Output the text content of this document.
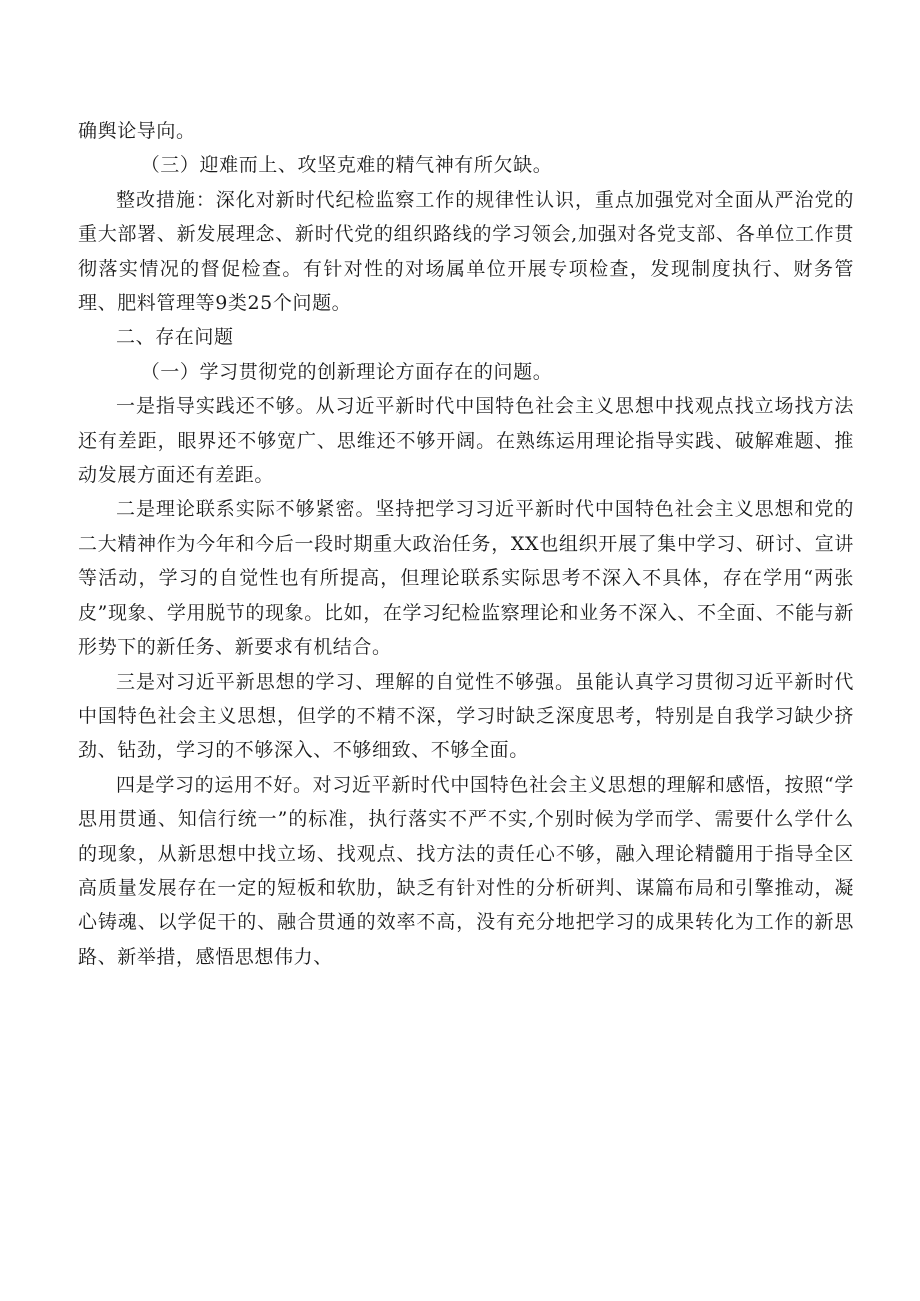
确舆论导向。

（三）迎难而上、攻坚克难的精气神有所欠缺。

整改措施：深化对新时代纪检监察工作的规律性认识，重点加强党对全面从严治党的重大部署、新发展理念、新时代党的组织路线的学习领会,加强对各党支部、各单位工作贯彻落实情况的督促检查。有针对性的对场属单位开展专项检查，发现制度执行、财务管理、肥料管理等9类25个问题。

二、存在问题

（一）学习贯彻党的创新理论方面存在的问题。

一是指导实践还不够。从习近平新时代中国特色社会主义思想中找观点找立场找方法还有差距，眼界还不够宽广、思维还不够开阔。在熟练运用理论指导实践、破解难题、推动发展方面还有差距。

二是理论联系实际不够紧密。坚持把学习习近平新时代中国特色社会主义思想和党的二大精神作为今年和今后一段时期重大政治任务，XX也组织开展了集中学习、研讨、宣讲等活动，学习的自觉性也有所提高，但理论联系实际思考不深入不具体，存在学用“两张皮”现象、学用脱节的现象。比如，在学习纪检监察理论和业务不深入、不全面、不能与新形势下的新任务、新要求有机结合。

三是对习近平新思想的学习、理解的自觉性不够强。虽能认真学习贯彻习近平新时代中国特色社会主义思想，但学的不精不深，学习时缺乏深度思考，特别是自我学习缺少挤劲、钻劲，学习的不够深入、不够细致、不够全面。

四是学习的运用不好。对习近平新时代中国特色社会主义思想的理解和感悟，按照“学思用贯通、知信行统一”的标准，执行落实不严不实,个别时候为学而学、需要什么学什么的现象，从新思想中找立场、找观点、找方法的责任心不够，融入理论精髓用于指导全区高质量发展存在一定的短板和软肋，缺乏有针对性的分析研判、谋篇布局和引擎推动，凝心铸魂、以学促干的、融合贯通的效率不高，没有充分地把学习的成果转化为工作的新思路、新举措，感悟思想伟力、
